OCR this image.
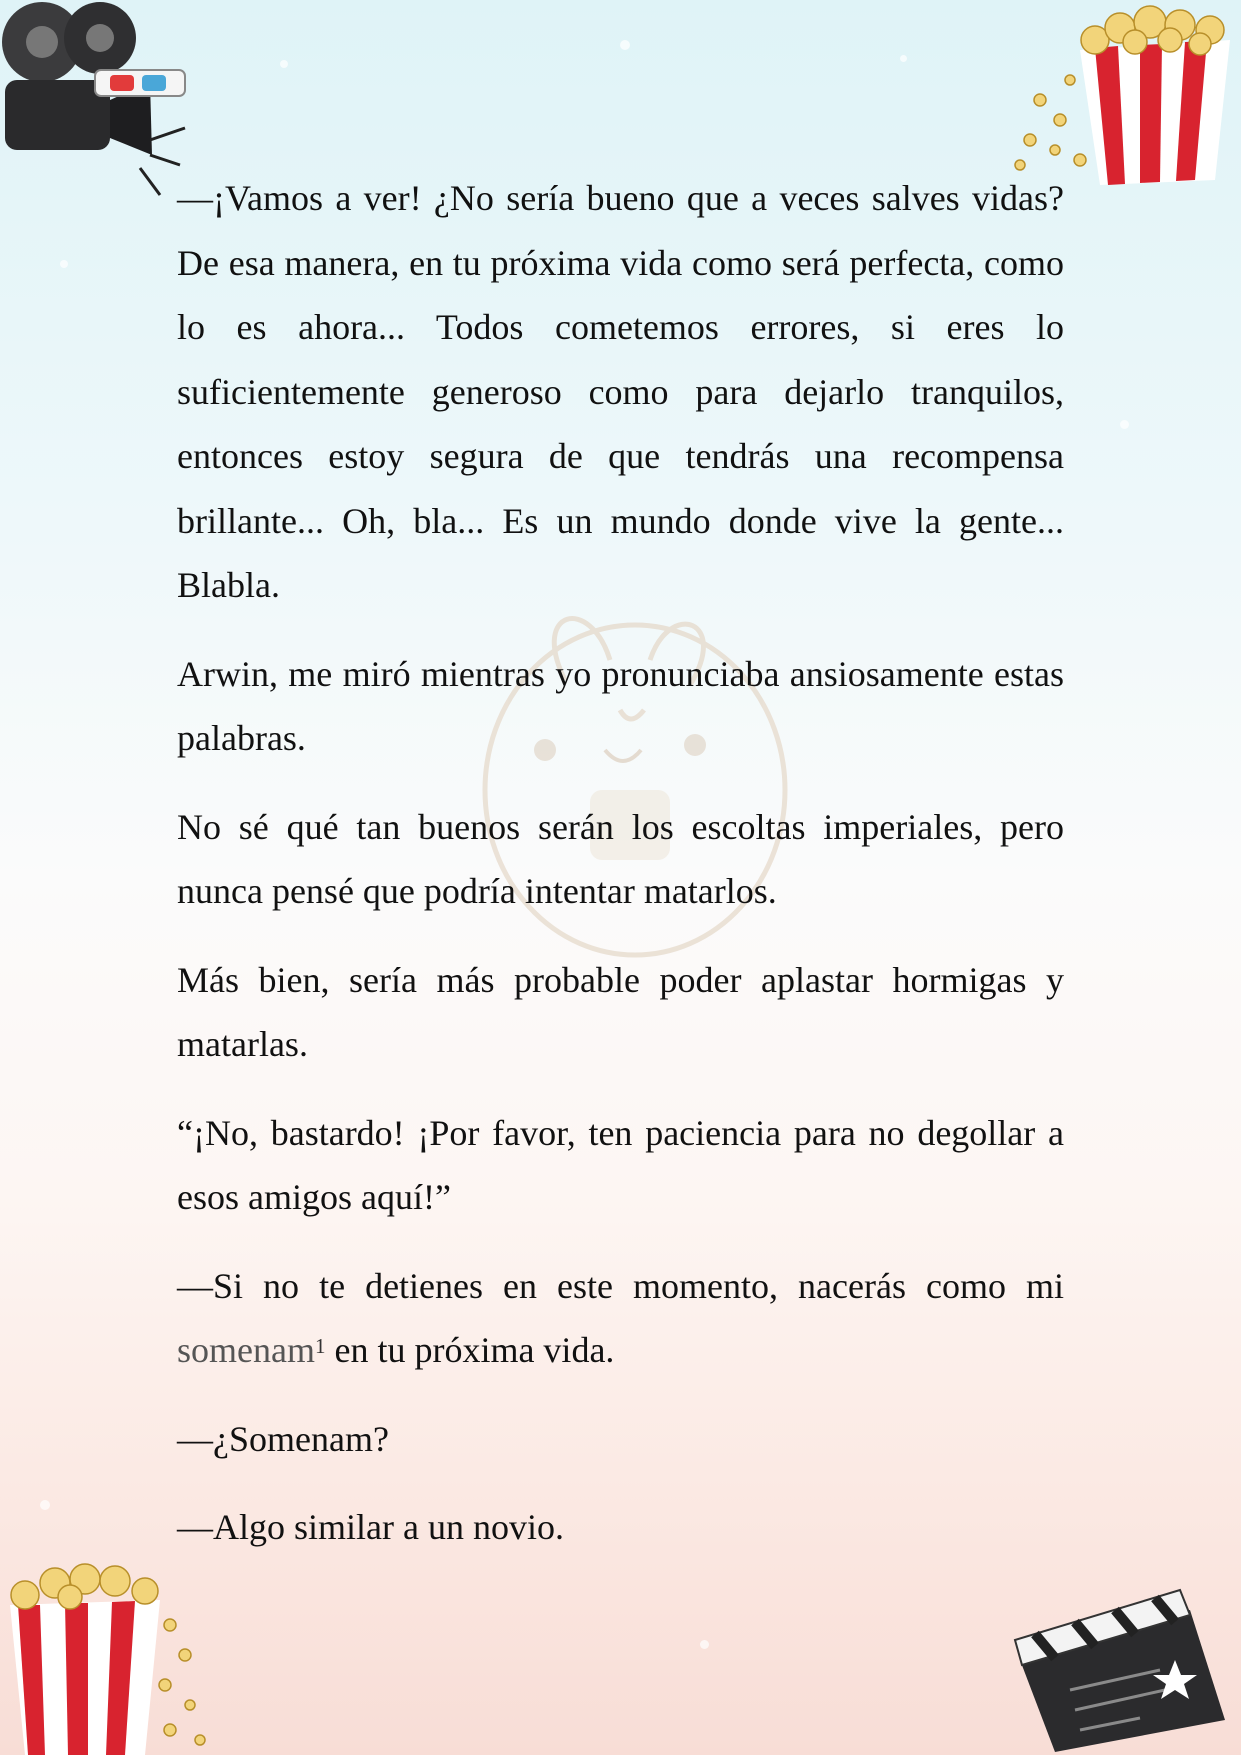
—¡Vamos a ver! ¿No sería bueno que a veces salves vidas? De esa manera, en tu próxima vida como será perfecta, como lo es ahora... Todos cometemos errores, si eres lo suficientemente generoso como para dejarlo tranquilos, entonces estoy segura de que tendrás una recompensa brillante... Oh, bla... Es un mundo donde vive la gente... Blabla.

Arwin, me miró mientras yo pronunciaba ansiosamente estas palabras.

No sé qué tan buenos serán los escoltas imperiales, pero nunca pensé que podría intentar matarlos.

Más bien, sería más probable poder aplastar hormigas y matarlas.

“¡No, bastardo! ¡Por favor, ten paciencia para no degollar a esos amigos aquí!”

—Si no te detienes en este momento, nacerás como mi somenam$^1$ en tu próxima vida.

—¿Somenam?

—Algo similar a un novio.
